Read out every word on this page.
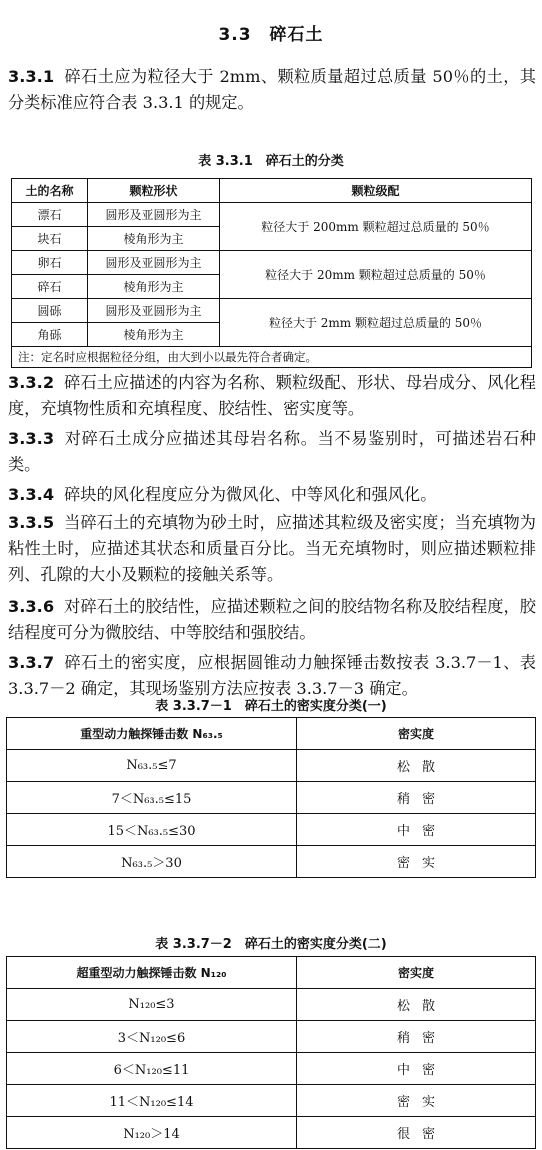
3.3　碎石土
3.3.1 碎石土应为粒径大于 2mm、颗粒质量超过总质量 50％的土，其分类标准应符合表 3.3.1 的规定。
表 3.3.1　碎石土的分类
土的名称	颗粒形状	颗粒级配
漂石	圆形及亚圆形为主	粒径大于 200mm 颗粒超过总质量的 50％
块石	棱角形为主	
卵石	圆形及亚圆形为主	粒径大于 20mm 颗粒超过总质量的 50％
碎石	棱角形为主	
圆砾	圆形及亚圆形为主	粒径大于 2mm 颗粒超过总质量的 50％
角砾	棱角形为主	
注：定名时应根据粒径分组，由大到小以最先符合者确定。		
3.3.2 碎石土应描述的内容为名称、颗粒级配、形状、母岩成分、风化程度，充填物性质和充填程度、胶结性、密实度等。
3.3.3 对碎石土成分应描述其母岩名称。当不易鉴别时，可描述岩石种类。
3.3.4 碎块的风化程度应分为微风化、中等风化和强风化。
3.3.5 当碎石土的充填物为砂土时，应描述其粒级及密实度；当充填物为粘性土时，应描述其状态和质量百分比。当无充填物时，则应描述颗粒排列、孔隙的大小及颗粒的接触关系等。
3.3.6 对碎石土的胶结性，应描述颗粒之间的胶结物名称及胶结程度，胶结程度可分为微胶结、中等胶结和强胶结。
3.3.7 碎石土的密实度，应根据圆锥动力触探锤击数按表 3.3.7－1、表 3.3.7－2 确定，其现场鉴别方法应按表 3.3.7－3 确定。
表 3.3.7－1　碎石土的密实度分类(一)
重型动力触探锤击数 N₆₃.₅	密实度
N₆₃.₅≤7	松散
7＜N₆₃.₅≤15	稍密
15＜N₆₃.₅≤30	中密
N₆₃.₅＞30	密实
表 3.3.7－2　碎石土的密实度分类(二)
超重型动力触探锤击数 N₁₂₀	密实度
N₁₂₀≤3	松散
3＜N₁₂₀≤6	稍密
6＜N₁₂₀≤11	中密
11＜N₁₂₀≤14	密实
N₁₂₀＞14	很密
